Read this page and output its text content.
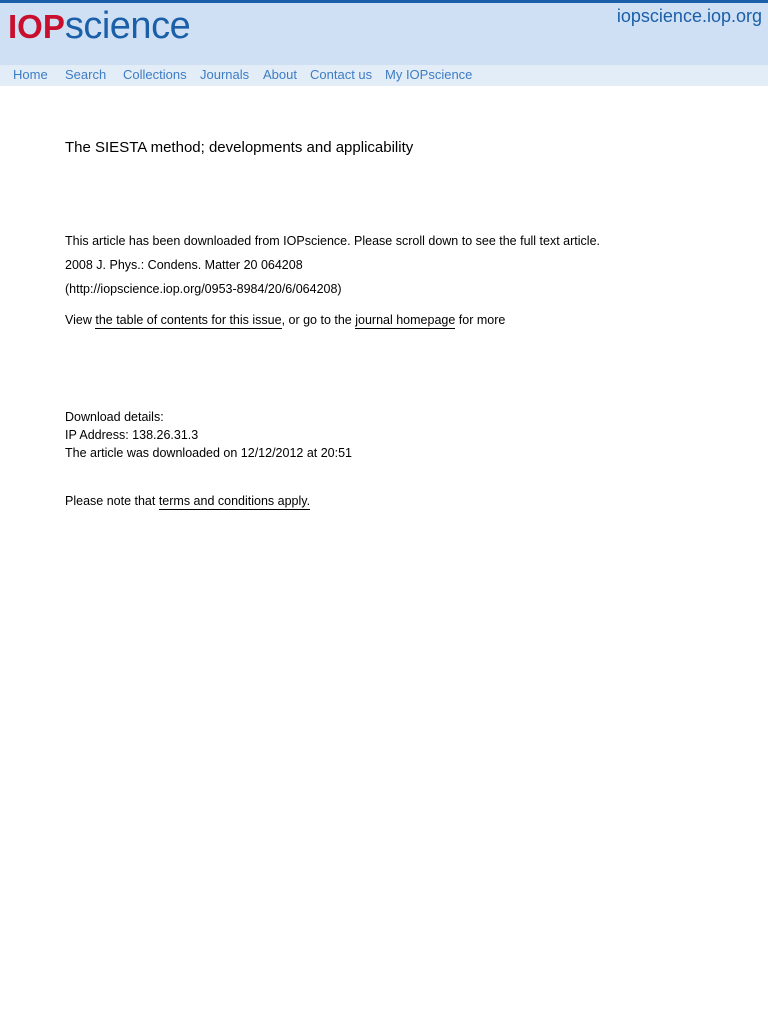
IOP science	iopscience.iop.org
Home Search Collections Journals About Contact us My IOPscience
The SIESTA method; developments and applicability
This article has been downloaded from IOPscience. Please scroll down to see the full text article.
2008 J. Phys.: Condens. Matter 20 064208
(http://iopscience.iop.org/0953-8984/20/6/064208)
View the table of contents for this issue, or go to the journal homepage for more
Download details:
IP Address: 138.26.31.3
The article was downloaded on 12/12/2012 at 20:51
Please note that terms and conditions apply.
